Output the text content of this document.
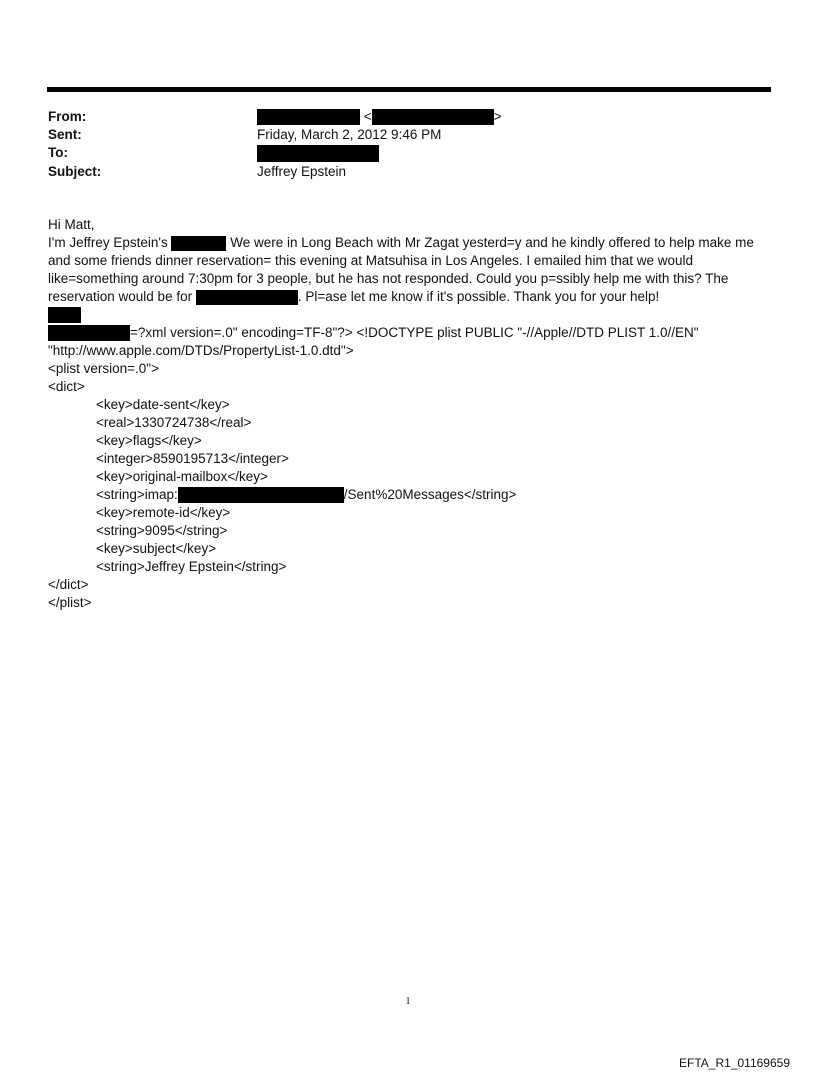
From:	<	>
Sent:	Friday, March 2, 2012 9:46 PM
To:
Subject:	Jeffrey Epstein

Hi Matt,

I'm Jeffrey Epstein's	We were in Long Beach with Mr Zagat yesterd=y and he kindly offered to help make me

and some friends dinner reservation= this evening at Matsuhisa in Los Angeles. I emailed him that we would

like=something around 7:30pm for 3 people, but he has not responded. Could you p=ssibly help me with this? The

reservation would be for	. Pl=ase let me know if it's possible. Thank you for your help!

=?xml version=.0" encoding=TF-8"?> <!DOCTYPE plist PUBLIC "-//Apple//DTD PLIST 1.0//EN"

"http://www.apple.com/DTDs/PropertyList-1.0.dtd">

<plist version=.0">

<dict>

<key>date-sent</key>

<real>1330724738</real>

<key>flags</key>

<integer>8590195713</integer>

<key>original-mailbox</key>

<string>imap:	/Sent%20Messages</string>

<key>remote-id</key>

<string>9095</string>

<key>subject</key>

<string>Jeffrey Epstein</string>

</dict>

</plist>

1
EFTA_R1_01169659
